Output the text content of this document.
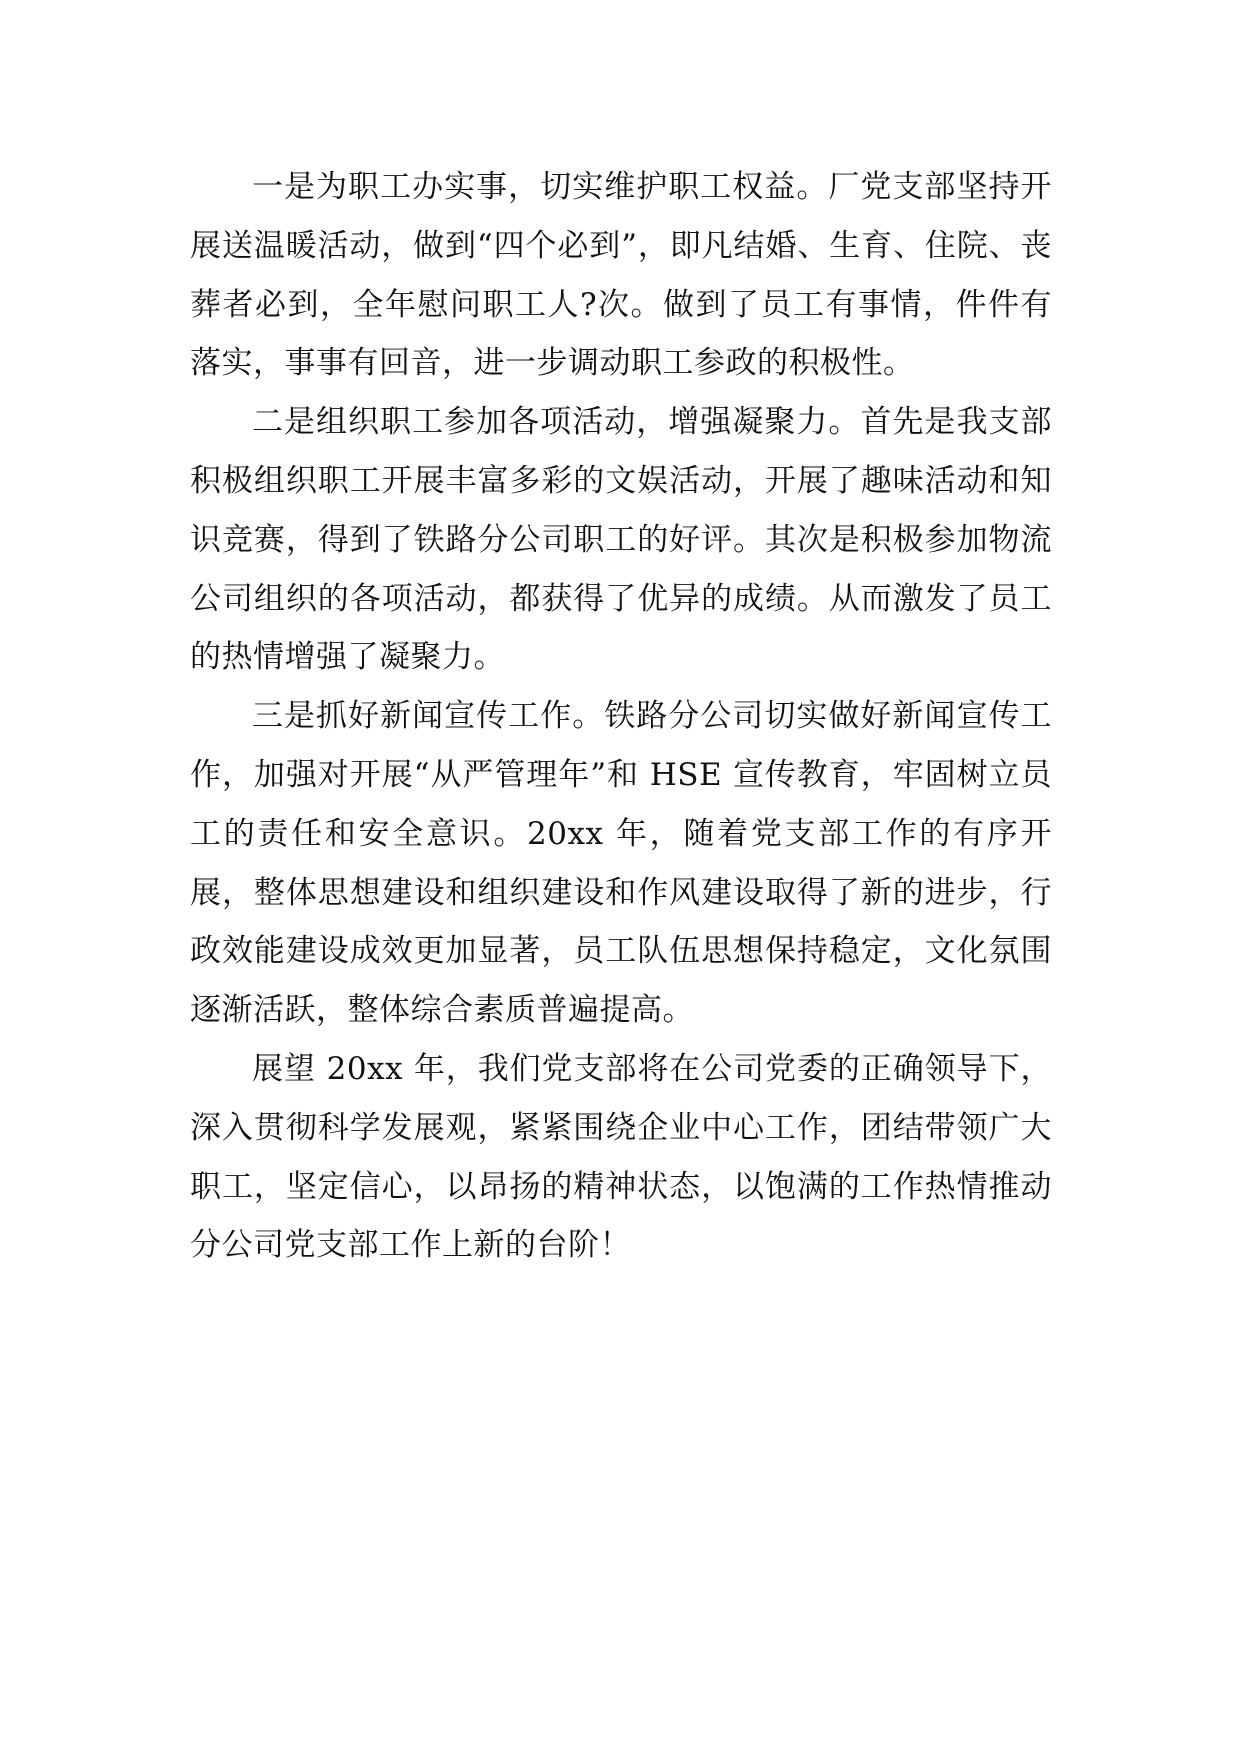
一是为职工办实事，切实维护职工权益。厂党支部坚持开展送温暖活动，做到“四个必到”，即凡结婚、生育、住院、丧葬者必到，全年慰问职工人?次。做到了员工有事情，件件有落实，事事有回音，进一步调动职工参政的积极性。

二是组织职工参加各项活动，增强凝聚力。首先是我支部积极组织职工开展丰富多彩的文娱活动，开展了趣味活动和知识竞赛，得到了铁路分公司职工的好评。其次是积极参加物流公司组织的各项活动，都获得了优异的成绩。从而激发了员工的热情增强了凝聚力。

三是抓好新闻宣传工作。铁路分公司切实做好新闻宣传工作，加强对开展“从严管理年”和 HSE 宣传教育，牢固树立员工的责任和安全意识。20xx 年，随着党支部工作的有序开展，整体思想建设和组织建设和作风建设取得了新的进步，行政效能建设成效更加显著，员工队伍思想保持稳定，文化氛围逐渐活跃，整体综合素质普遍提高。

展望 20xx 年，我们党支部将在公司党委的正确领导下，深入贯彻科学发展观，紧紧围绕企业中心工作，团结带领广大职工，坚定信心，以昂扬的精神状态，以饱满的工作热情推动分公司党支部工作上新的台阶！
